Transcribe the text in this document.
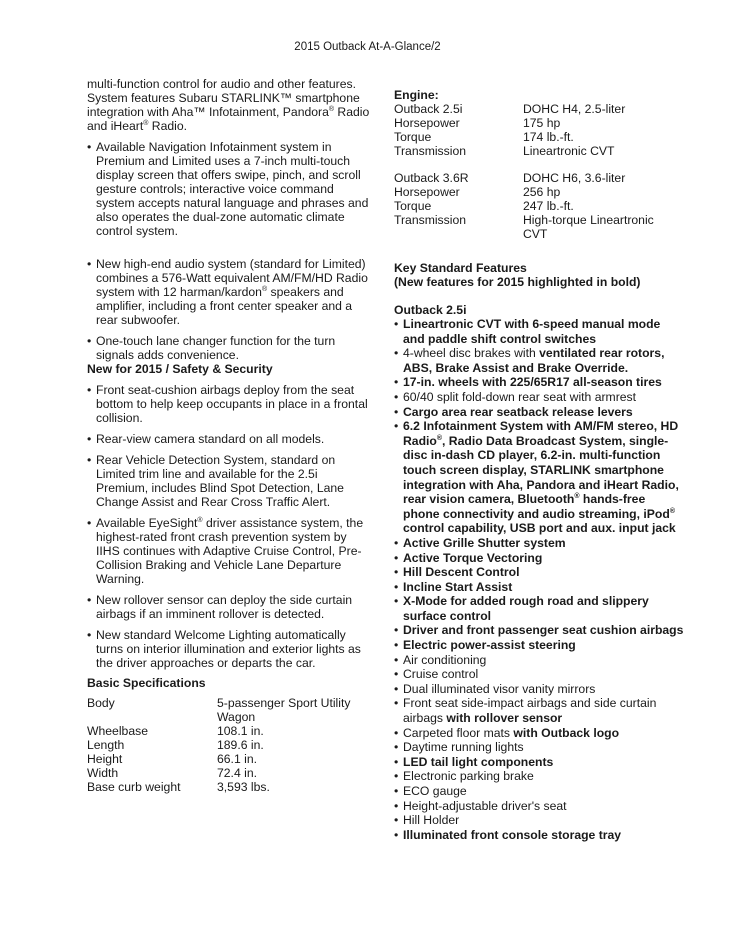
2015 Outback At-A-Glance/2

multi-function control for audio and other features. System features Subaru STARLINK™ smartphone integration with Aha™ Infotainment, Pandora® Radio and iHeart® Radio.

• Available Navigation Infotainment system in Premium and Limited uses a 7-inch multi-touch display screen that offers swipe, pinch, and scroll gesture controls; interactive voice command system accepts natural language and phrases and also operates the dual-zone automatic climate control system.

• New high-end audio system (standard for Limited) combines a 576-Watt equivalent AM/FM/HD Radio system with 12 harman/kardon® speakers and amplifier, including a front center speaker and a rear subwoofer.

• One-touch lane changer function for the turn signals adds convenience.

New for 2015 / Safety & Security

• Front seat-cushion airbags deploy from the seat bottom to help keep occupants in place in a frontal collision.

• Rear-view camera standard on all models.

• Rear Vehicle Detection System, standard on Limited trim line and available for the 2.5i Premium, includes Blind Spot Detection, Lane Change Assist and Rear Cross Traffic Alert.

• Available EyeSight® driver assistance system, the highest-rated front crash prevention system by IIHS continues with Adaptive Cruise Control, Pre-Collision Braking and Vehicle Lane Departure Warning.

• New rollover sensor can deploy the side curtain airbags if an imminent rollover is detected.

• New standard Welcome Lighting automatically turns on interior illumination and exterior lights as the driver approaches or departs the car.

Basic Specifications

Body	5-passenger Sport Utility Wagon
Wheelbase	108.1 in.
Length	189.6 in.
Height	66.1 in.
Width	72.4 in.
Base curb weight	3,593 lbs.

Engine:

Outback 2.5i	DOHC H4, 2.5-liter
Horsepower	175 hp
Torque	174 lb.-ft.
Transmission	Lineartronic CVT
Outback 3.6R	DOHC H6, 3.6-liter
Horsepower	256 hp
Torque	247 lb.-ft.
Transmission	High-torque Lineartronic CVT

Key Standard Features

(New features for 2015 highlighted in bold)

Outback 2.5i

• Lineartronic CVT with 6-speed manual mode and paddle shift control switches

• 4-wheel disc brakes with ventilated rear rotors, ABS, Brake Assist and Brake Override.

• 17-in. wheels with 225/65R17 all-season tires

• 60/40 split fold-down rear seat with armrest

• Cargo area rear seatback release levers

• 6.2 Infotainment System with AM/FM stereo, HD Radio®, Radio Data Broadcast System, single-disc in-dash CD player, 6.2-in. multi-function touch screen display, STARLINK smartphone integration with Aha, Pandora and iHeart Radio, rear vision camera, Bluetooth® hands-free phone connectivity and audio streaming, iPod® control capability, USB port and aux. input jack

• Active Grille Shutter system

• Active Torque Vectoring

• Hill Descent Control

• Incline Start Assist

• X-Mode for added rough road and slippery surface control

• Driver and front passenger seat cushion airbags

• Electric power-assist steering

• Air conditioning

• Cruise control

• Dual illuminated visor vanity mirrors

• Front seat side-impact airbags and side curtain airbags with rollover sensor

• Carpeted floor mats with Outback logo

• Daytime running lights

• LED tail light components

• Electronic parking brake

• ECO gauge

• Height-adjustable driver's seat

• Hill Holder

• Illuminated front console storage tray
